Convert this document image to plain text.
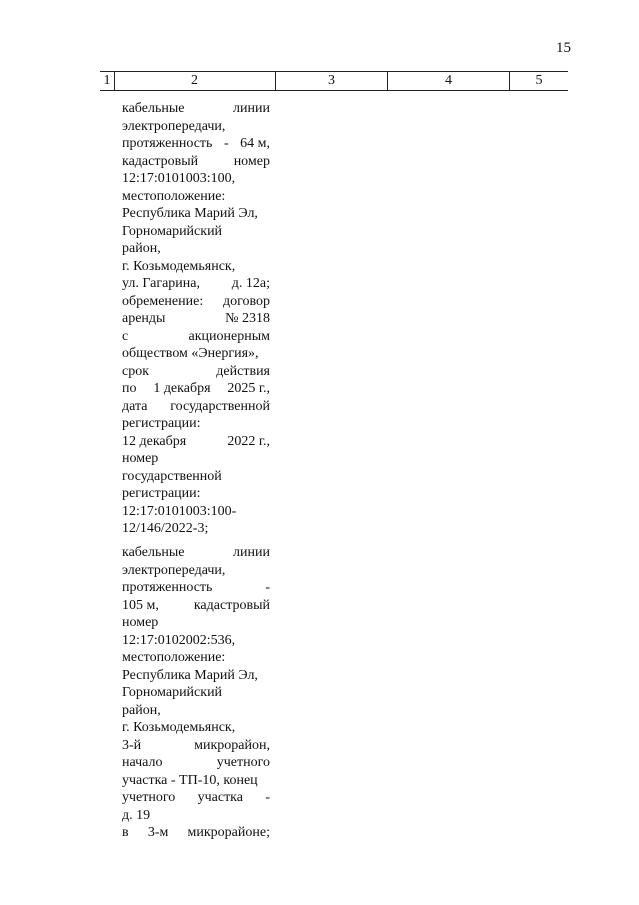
15
1	2	3	4	5
кабельные	линии
электропередачи,
протяженность - 64 м,
кадастровый	номер
12:17:0101003:100,
местоположение:
Республика Марий Эл,
Горномарийский
район,
г. Козьмодемьянск,
ул. Гагарина, д. 12а;
обременение: договор
аренды	№ 2318
с	акционерным
обществом «Энергия»,
срок	действия
по 1 декабря 2025 г.,
дата государственной
регистрации:
12 декабря	2022 г.,
номер
государственной
регистрации:
12:17:0101003:100-
12/146/2022-3;
кабельные	линии
электропередачи,
протяженность	-
105 м, кадастровый
номер
12:17:0102002:536,
местоположение:
Республика Марий Эл,
Горномарийский
район,
г. Козьмодемьянск,
3-й	микрорайон,
начало	учетного
участка - ТП-10, конец
учетного участка -
д. 19
в 3-м микрорайоне;
